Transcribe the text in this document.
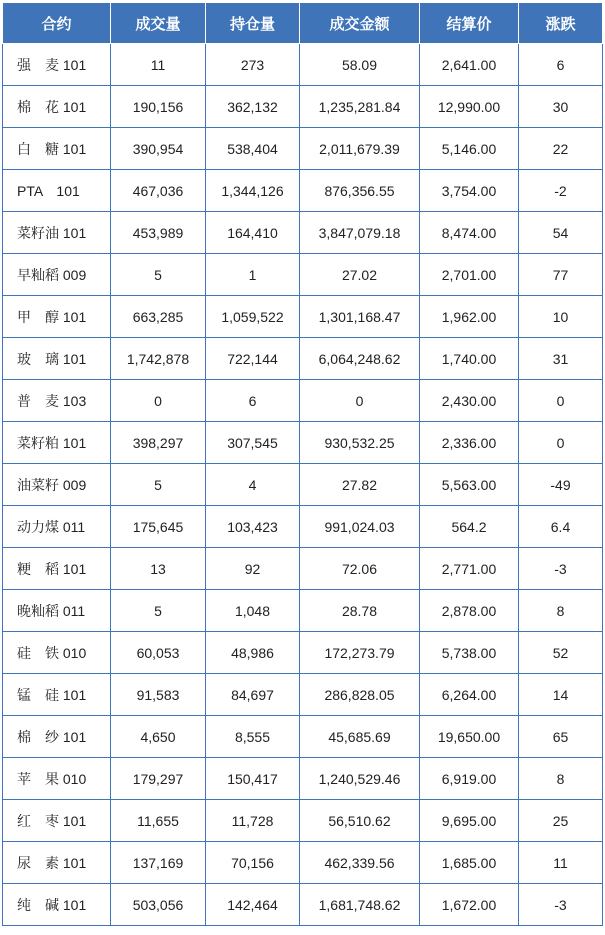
合约	成交量	持仓量	成交金额	结算价	涨跌
强　麦 101	11	273	58.09	2,641.00	6
棉　花 101	190,156	362,132	1,235,281.84	12,990.00	30
白　糖 101	390,954	538,404	2,011,679.39	5,146.00	22
PTA　101	467,036	1,344,126	876,356.55	3,754.00	-2
菜籽油 101	453,989	164,410	3,847,079.18	8,474.00	54
早籼稻 009	5	1	27.02	2,701.00	77
甲　醇 101	663,285	1,059,522	1,301,168.47	1,962.00	10
玻　璃 101	1,742,878	722,144	6,064,248.62	1,740.00	31
普　麦 103	0	6	0	2,430.00	0
菜籽粕 101	398,297	307,545	930,532.25	2,336.00	0
油菜籽 009	5	4	27.82	5,563.00	-49
动力煤 011	175,645	103,423	991,024.03	564.2	6.4
粳　稻 101	13	92	72.06	2,771.00	-3
晚籼稻 011	5	1,048	28.78	2,878.00	8
硅　铁 010	60,053	48,986	172,273.79	5,738.00	52
锰　硅 101	91,583	84,697	286,828.05	6,264.00	14
棉　纱 101	4,650	8,555	45,685.69	19,650.00	65
苹　果 010	179,297	150,417	1,240,529.46	6,919.00	8
红　枣 101	11,655	11,728	56,510.62	9,695.00	25
尿　素 101	137,169	70,156	462,339.56	1,685.00	11
纯　碱 101	503,056	142,464	1,681,748.62	1,672.00	-3
